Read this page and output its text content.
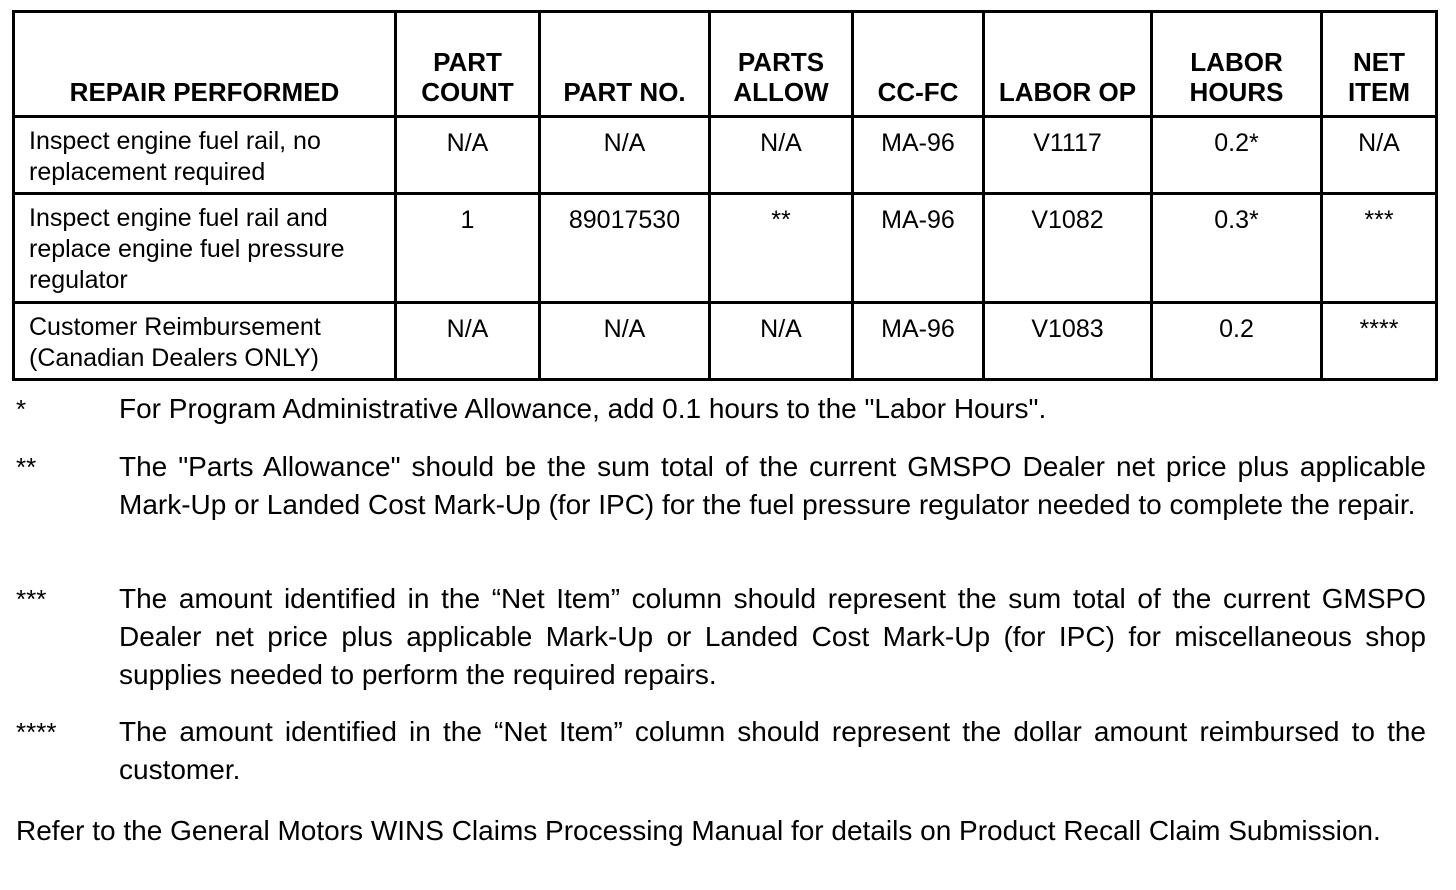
REPAIR PERFORMED	PART COUNT	PART NO.	PARTS ALLOW	CC-FC	LABOR OP	LABOR HOURS	NET ITEM
Inspect engine fuel rail, no replacement required	N/A	N/A	N/A	MA-96	V1117	0.2*	N/A
Inspect engine fuel rail and replace engine fuel pressure regulator	1	89017530	**	MA-96	V1082	0.3*	***
Customer Reimbursement (Canadian Dealers ONLY)	N/A	N/A	N/A	MA-96	V1083	0.2	****
*	For Program Administrative Allowance, add 0.1 hours to the "Labor Hours".
**	The "Parts Allowance" should be the sum total of the current GMSPO Dealer net price plus applicable Mark-Up or Landed Cost Mark-Up (for IPC) for the fuel pressure regulator needed to complete the repair.
***	The amount identified in the “Net Item” column should represent the sum total of the current GMSPO Dealer net price plus applicable Mark-Up or Landed Cost Mark-Up (for IPC) for miscellaneous shop supplies needed to perform the required repairs.
****	The amount identified in the “Net Item” column should represent the dollar amount reimbursed to the customer.
Refer to the General Motors WINS Claims Processing Manual for details on Product Recall Claim Submission.
